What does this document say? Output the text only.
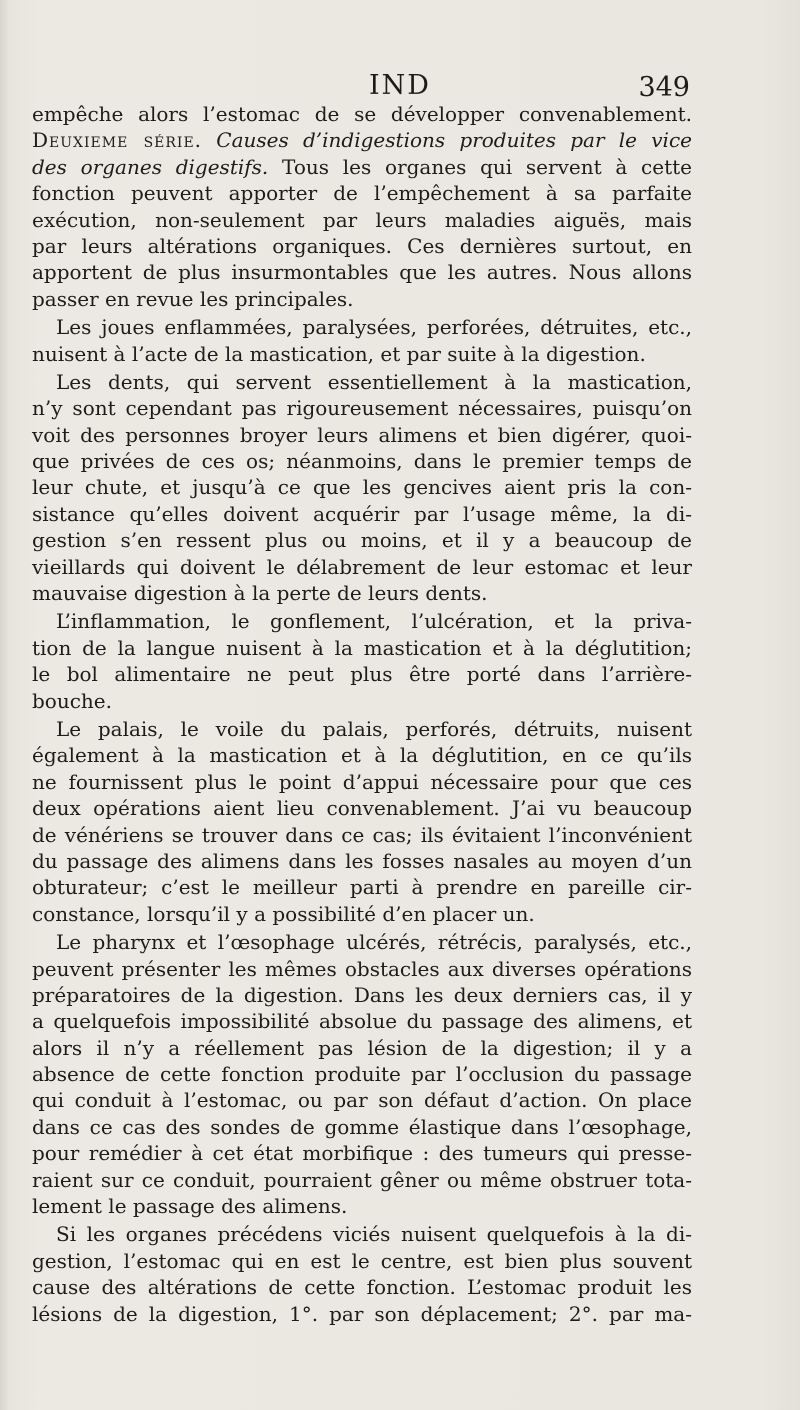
IND	349
empêche alors l’estomac de se développer convenablement.
Deuxieme série. Causes d’indigestions produites par le vice
des organes digestifs. Tous les organes qui servent à cette
fonction peuvent apporter de l’empêchement à sa parfaite
exécution, non-seulement par leurs maladies aiguës, mais
par leurs altérations organiques. Ces dernières surtout, en
apportent de plus insurmontables que les autres. Nous allons
passer en revue les principales.
Les joues enflammées, paralysées, perforées, détruites, etc.,
nuisent à l’acte de la mastication, et par suite à la digestion.
Les dents, qui servent essentiellement à la mastication,
n’y sont cependant pas rigoureusement nécessaires, puisqu’on
voit des personnes broyer leurs alimens et bien digérer, quoi-
que privées de ces os; néanmoins, dans le premier temps de
leur chute, et jusqu’à ce que les gencives aient pris la con-
sistance qu’elles doivent acquérir par l’usage même, la di-
gestion s’en ressent plus ou moins, et il y a beaucoup de
vieillards qui doivent le délabrement de leur estomac et leur
mauvaise digestion à la perte de leurs dents.
L’inflammation, le gonflement, l’ulcération, et la priva-
tion de la langue nuisent à la mastication et à la déglutition;
le bol alimentaire ne peut plus être porté dans l’arrière-
bouche.
Le palais, le voile du palais, perforés, détruits, nuisent
également à la mastication et à la déglutition, en ce qu’ils
ne fournissent plus le point d’appui nécessaire pour que ces
deux opérations aient lieu convenablement. J’ai vu beaucoup
de vénériens se trouver dans ce cas; ils évitaient l’inconvénient
du passage des alimens dans les fosses nasales au moyen d’un
obturateur; c’est le meilleur parti à prendre en pareille cir-
constance, lorsqu’il y a possibilité d’en placer un.
Le pharynx et l’œsophage ulcérés, rétrécis, paralysés, etc.,
peuvent présenter les mêmes obstacles aux diverses opérations
préparatoires de la digestion. Dans les deux derniers cas, il y
a quelquefois impossibilité absolue du passage des alimens, et
alors il n’y a réellement pas lésion de la digestion; il y a
absence de cette fonction produite par l’occlusion du passage
qui conduit à l’estomac, ou par son défaut d’action. On place
dans ce cas des sondes de gomme élastique dans l’œsophage,
pour remédier à cet état morbifique : des tumeurs qui presse-
raient sur ce conduit, pourraient gêner ou même obstruer tota-
lement le passage des alimens.
Si les organes précédens viciés nuisent quelquefois à la di-
gestion, l’estomac qui en est le centre, est bien plus souvent
cause des altérations de cette fonction. L’estomac produit les
lésions de la digestion, 1°. par son déplacement; 2°. par ma-
